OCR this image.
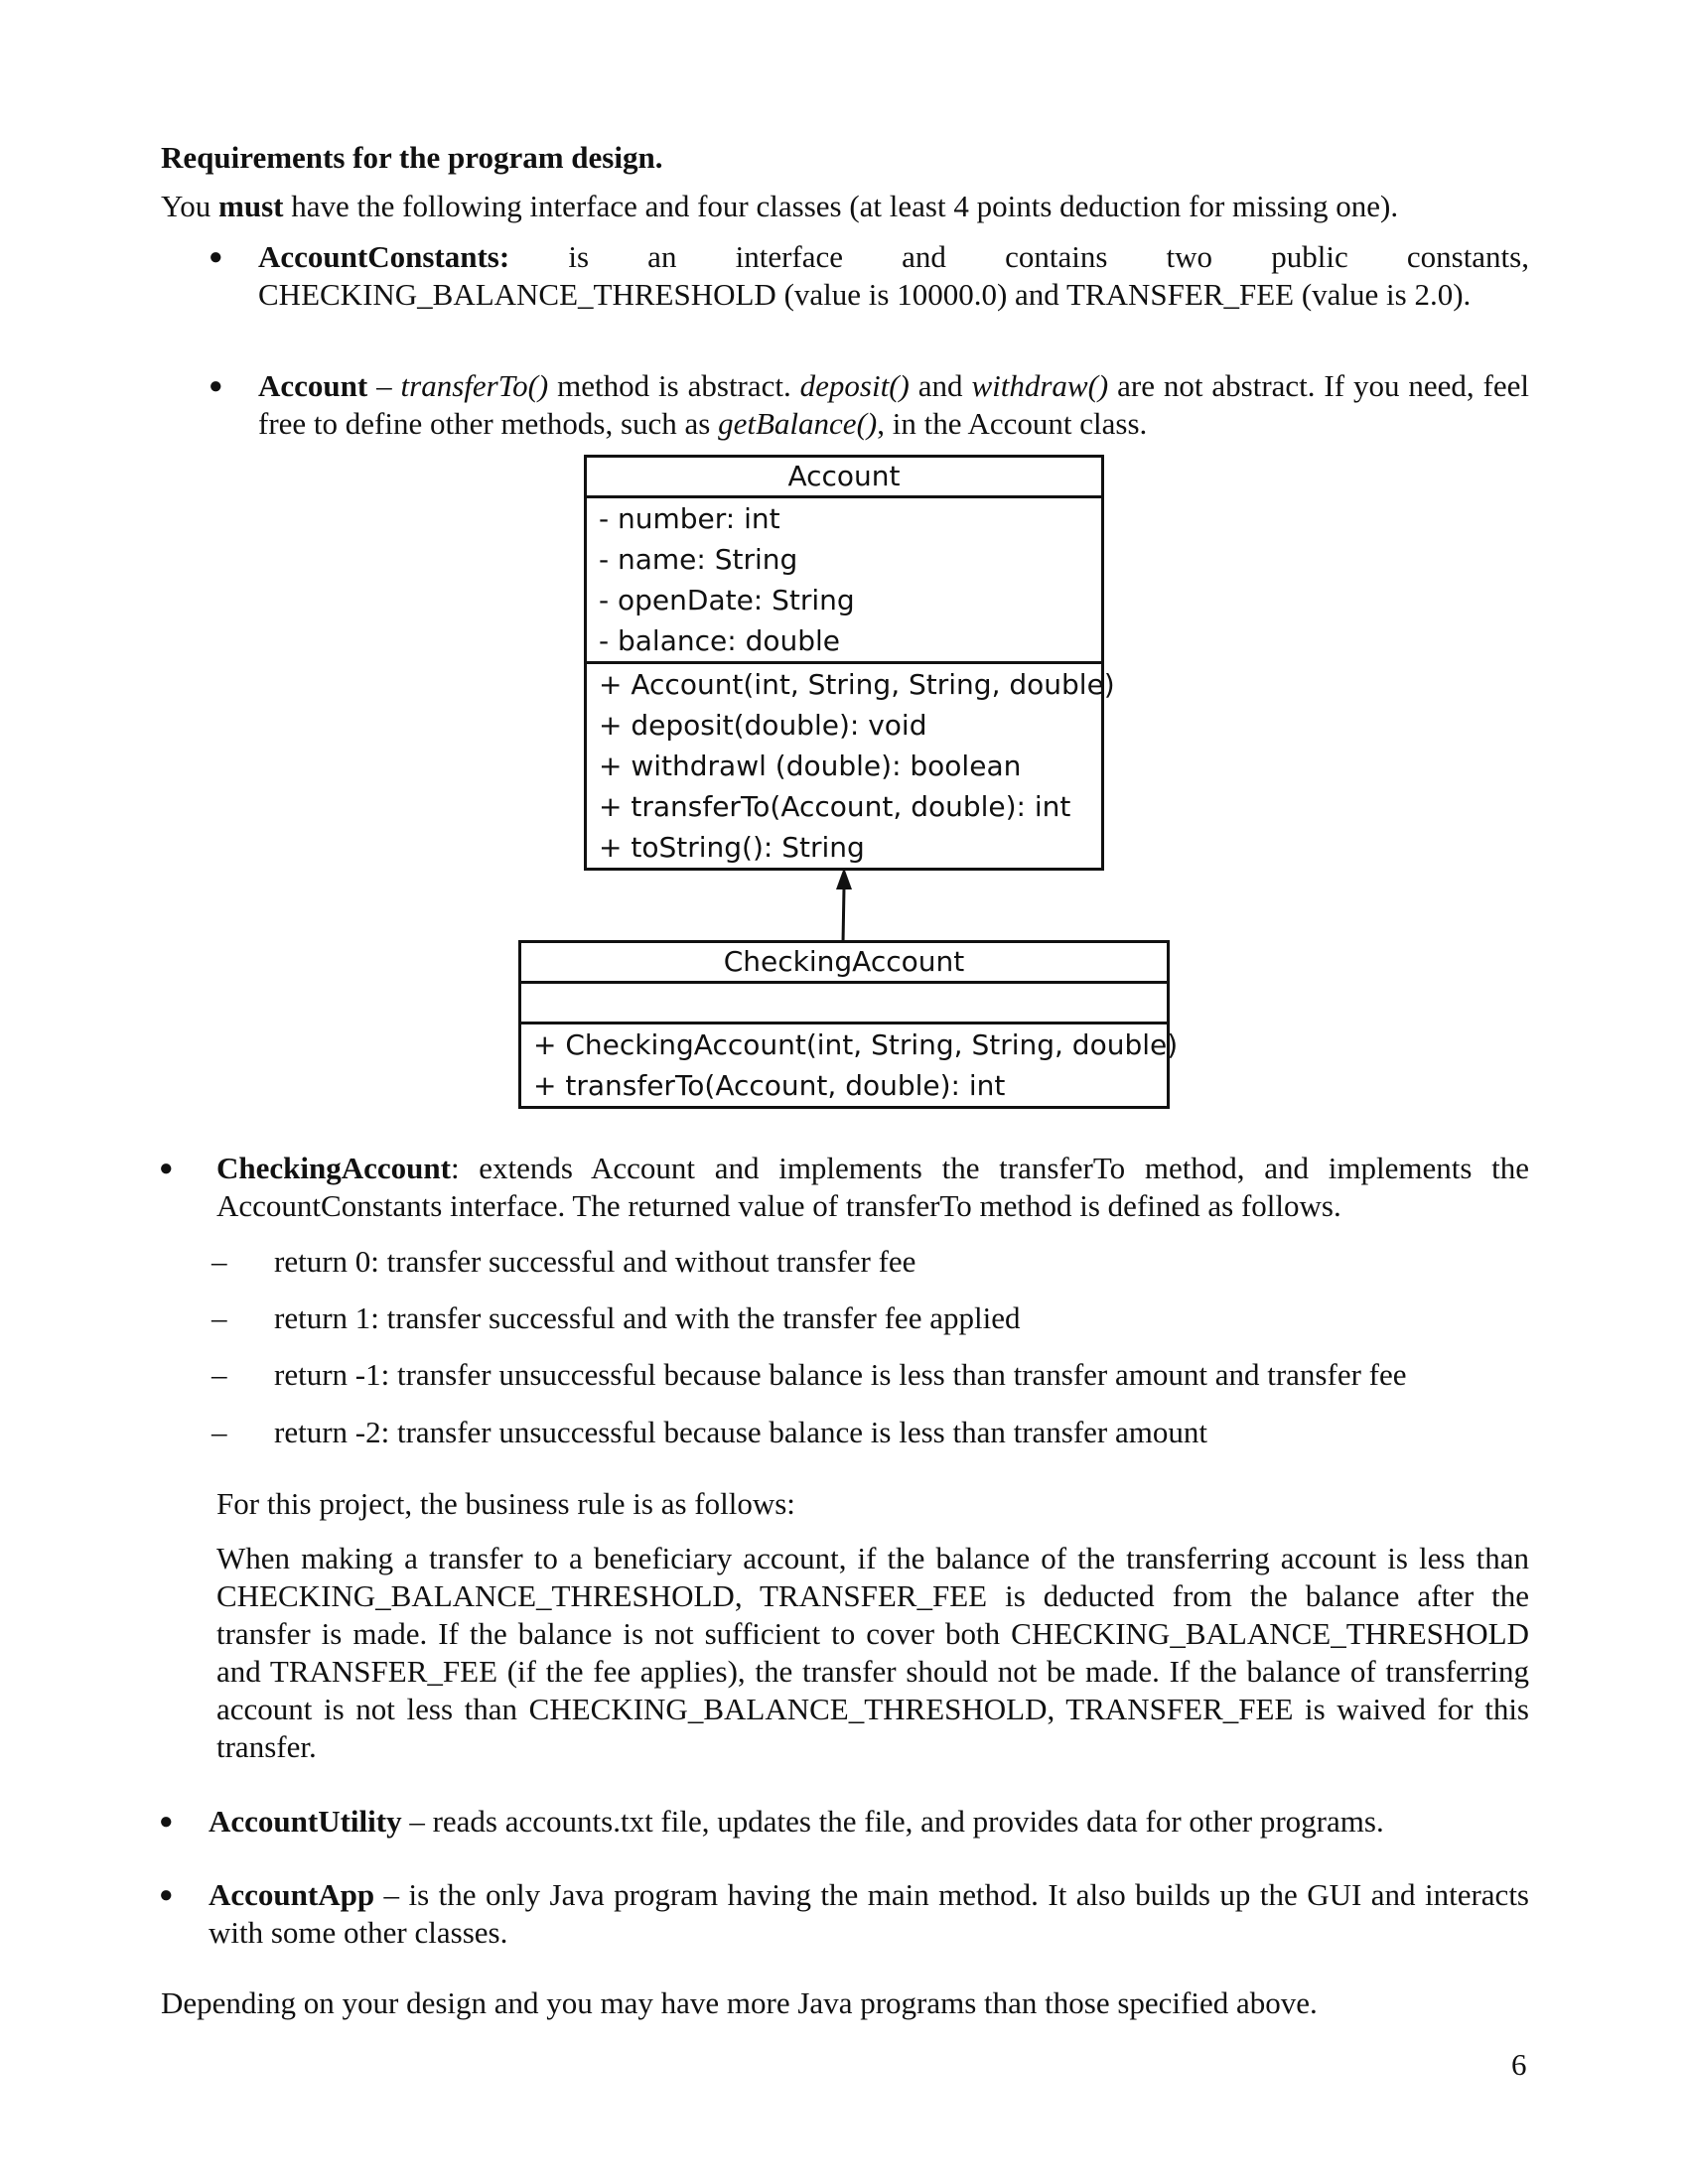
Requirements for the program design.
You must have the following interface and four classes (at least 4 points deduction for missing one).
● AccountConstants: is an interface and contains two public constants, CHECKING_BALANCE_THRESHOLD (value is 10000.0) and TRANSFER_FEE (value is 2.0).
● Account – transferTo() method is abstract. deposit() and withdraw() are not abstract. If you need, feel free to define other methods, such as getBalance(), in the Account class.
Account
- number: int
- name: String
- openDate: String
- balance: double
+ Account(int, String, String, double)
+ deposit(double): void
+ withdrawl (double): boolean
+ transferTo(Account, double): int
+ toString(): String
CheckingAccount
+ CheckingAccount(int, String, String, double)
+ transferTo(Account, double): int
● CheckingAccount: extends Account and implements the transferTo method, and implements the AccountConstants interface. The returned value of transferTo method is defined as follows.
– return 0: transfer successful and without transfer fee
– return 1: transfer successful and with the transfer fee applied
– return -1: transfer unsuccessful because balance is less than transfer amount and transfer fee
– return -2: transfer unsuccessful because balance is less than transfer amount
For this project, the business rule is as follows:
When making a transfer to a beneficiary account, if the balance of the transferring account is less than CHECKING_BALANCE_THRESHOLD, TRANSFER_FEE is deducted from the balance after the transfer is made. If the balance is not sufficient to cover both CHECKING_BALANCE_THRESHOLD and TRANSFER_FEE (if the fee applies), the transfer should not be made. If the balance of transferring account is not less than CHECKING_BALANCE_THRESHOLD, TRANSFER_FEE is waived for this transfer.
● AccountUtility – reads accounts.txt file, updates the file, and provides data for other programs.
● AccountApp – is the only Java program having the main method. It also builds up the GUI and interacts with some other classes.
Depending on your design and you may have more Java programs than those specified above.
6
